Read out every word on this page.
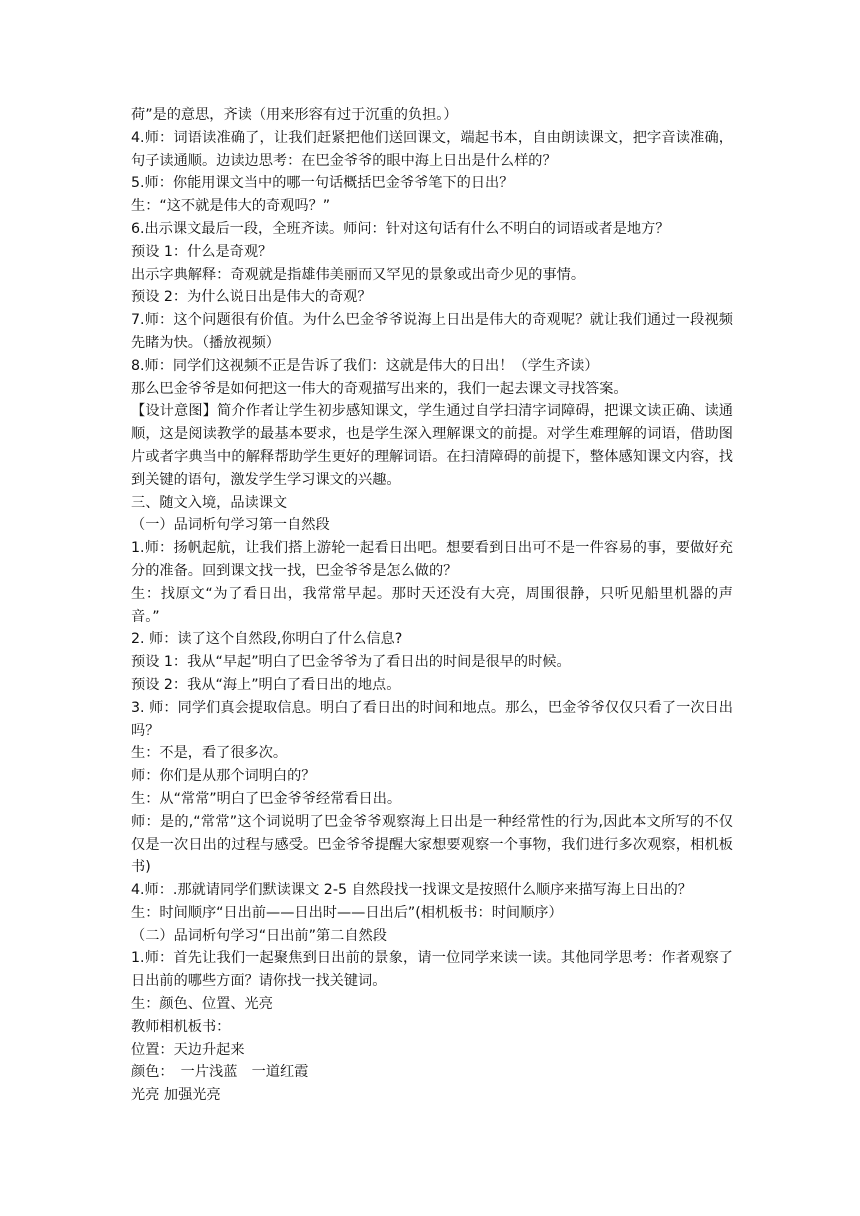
荷”是的意思，齐读（用来形容有过于沉重的负担。）

4.师：词语读准确了，让我们赶紧把他们送回课文，端起书本，自由朗读课文，把字音读准确，句子读通顺。边读边思考：在巴金爷爷的眼中海上日出是什么样的？

5.师：你能用课文当中的哪一句话概括巴金爷爷笔下的日出？

生：“这不就是伟大的奇观吗？”

6.出示课文最后一段，全班齐读。师问：针对这句话有什么不明白的词语或者是地方？

预设 1：什么是奇观？

出示字典解释：奇观就是指雄伟美丽而又罕见的景象或出奇少见的事情。

预设 2：为什么说日出是伟大的奇观？

7.师：这个问题很有价值。为什么巴金爷爷说海上日出是伟大的奇观呢？就让我们通过一段视频先睹为快。（播放视频）

8.师：同学们这视频不正是告诉了我们：这就是伟大的日出！（学生齐读）

那么巴金爷爷是如何把这一伟大的奇观描写出来的，我们一起去课文寻找答案。

【设计意图】简介作者让学生初步感知课文，学生通过自学扫清字词障碍，把课文读正确、读通顺，这是阅读教学的最基本要求，也是学生深入理解课文的前提。对学生难理解的词语，借助图片或者字典当中的解释帮助学生更好的理解词语。在扫清障碍的前提下，整体感知课文内容，找到关键的语句，激发学生学习课文的兴趣。

三、随文入境，品读课文

（一）品词析句学习第一自然段

1.师：扬帆起航，让我们搭上游轮一起看日出吧。想要看到日出可不是一件容易的事，要做好充分的准备。回到课文找一找，巴金爷爷是怎么做的？

生：找原文“为了看日出，我常常早起。那时天还没有大亮，周围很静，只听见船里机器的声音。”

2. 师：读了这个自然段,你明白了什么信息?

预设 1：我从“早起”明白了巴金爷爷为了看日出的时间是很早的时候。

预设 2：我从“海上”明白了看日出的地点。

3. 师：同学们真会提取信息。明白了看日出的时间和地点。那么，巴金爷爷仅仅只看了一次日出吗？

生：不是，看了很多次。

师：你们是从那个词明白的？

生：从“常常”明白了巴金爷爷经常看日出。

师：是的,“常常”这个词说明了巴金爷爷观察海上日出是一种经常性的行为,因此本文所写的不仅仅是一次日出的过程与感受。巴金爷爷提醒大家想要观察一个事物，我们进行多次观察，相机板书)

4.师：.那就请同学们默读课文 2-5 自然段找一找课文是按照什么顺序来描写海上日出的？

生：时间顺序“日出前——日出时——日出后”(相机板书：时间顺序）

（二）品词析句学习“日出前”第二自然段

1.师：首先让我们一起聚焦到日出前的景象，请一位同学来读一读。其他同学思考：作者观察了日出前的哪些方面？请你找一找关键词。

生：颜色、位置、光亮

教师相机板书：

位置：天边升起来

颜色：　一片浅蓝　一道红霞

光亮 加强光亮
